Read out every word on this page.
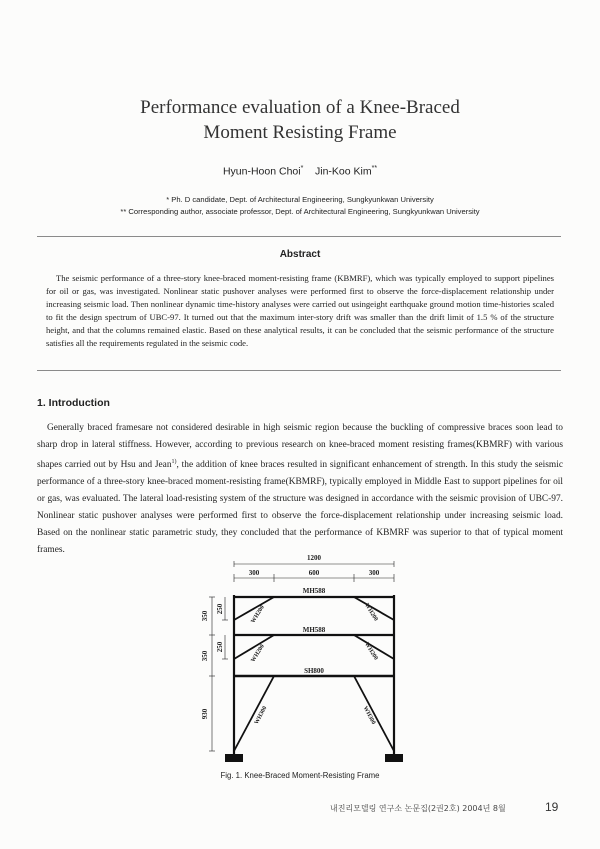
Performance evaluation of a Knee-Braced
Moment Resisting Frame
Hyun-Hoon Choi* Jin-Koo Kim**
* Ph. D candidate, Dept. of Architectural Engineering, Sungkyunkwan University
** Corresponding author, associate professor, Dept. of Architectural Engineering, Sungkyunkwan University
Abstract

The seismic performance of a three-story knee-braced moment-resisting frame (KBMRF), which was typically employed to support pipelines for oil or gas, was investigated. Nonlinear static pushover analyses were performed first to observe the force-displacement relationship under increasing seismic load. Then nonlinear dynamic time-history analyses were carried out usingeight earthquake ground motion time-histories scaled to fit the design spectrum of UBC-97. It turned out that the maximum inter-story drift was smaller than the drift limit of 1.5 % of the structure height, and that the columns remained elastic. Based on these analytical results, it can be concluded that the seismic performance of the structure satisfies all the requirements regulated in the seismic code.

1. Introduction

Generally braced framesare not considered desirable in high seismic region because the buckling of compressive braces soon lead to sharp drop in lateral stiffness. However, according to previous research on knee-braced moment resisting frames(KBMRF) with various shapes carried out by Hsu and Jean$^{1)}$, the addition of knee braces resulted in significant enhancement of strength. In this study the seismic performance of a three-story knee-braced moment-resisting frame(KBMRF), typically employed in Middle East to support pipelines for oil or gas, was evaluated. The lateral load-resisting system of the structure was designed in accordance with the seismic provision of UBC-97. Nonlinear static pushover analyses were performed first to observe the force-displacement relationship under increasing seismic load. Based on the nonlinear static parametric study, they concluded that the performance of KBMRF was superior to that of typical moment frames.

1200
300	600	300
MH588
MH588
SH800
WH200	WH200
WH200	WH200
WH300	WH300
350
350
930
250
250
Fig. 1. Knee-Braced Moment-Resisting Frame
내진리모델링 연구소 논문집(2권2호) 2004년 8월	19
